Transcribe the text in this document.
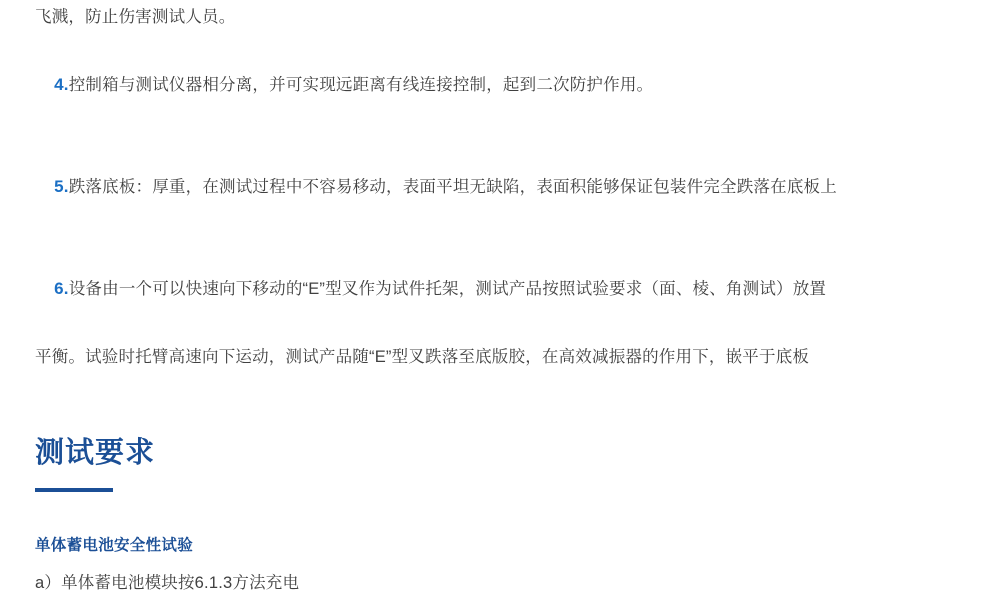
飞溅，防止伤害测试人员。

4.控制箱与测试仪器相分离，并可实现远距离有线连接控制，起到二次防护作用。

5.跌落底板：厚重，在测试过程中不容易移动，表面平坦无缺陷，表面积能够保证包装件完全跌落在底板上

6.设备由一个可以快速向下移动的“E”型叉作为试件托架，测试产品按照试验要求（面、棱、角测试）放置

平衡。试验时托臂高速向下运动，测试产品随“E”型叉跌落至底版胶，在高效减振器的作用下，嵌平于底板
测试要求
单体蓄电池安全性试验
a）单体蓄电池模块按6.1.3方法充电
